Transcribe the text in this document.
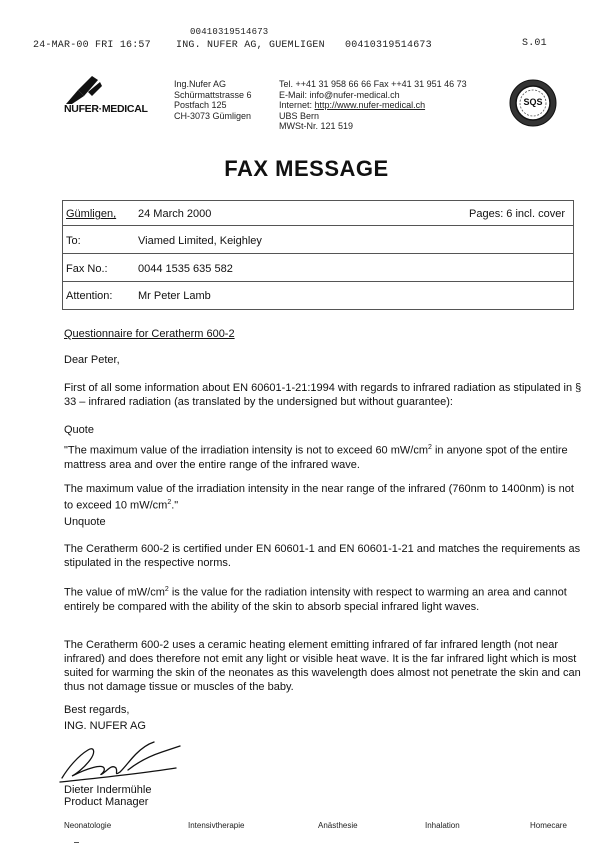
00410319514673
24-MAR-00 FRI 16:57	ING. NUFER AG, GUEMLIGEN 00410319514673	S.01
NUFER·MEDICAL
Ing.Nufer AG
Schürmattstrasse 6
Postfach 125
CH-3073 Gümligen
Tel. ++41 31 958 66 66 Fax ++41 31 951 46 73
E-Mail: info@nufer-medical.ch
Internet: http://www.nufer-medical.ch
UBS Bern
MWSt-Nr. 121 519
SQS
FAX MESSAGE
Gümligen, 24 March 2000	Pages: 6 incl. cover
To:	Viamed Limited, Keighley
Fax No.:	0044 1535 635 582
Attention: Mr Peter Lamb
Questionnaire for Ceratherm 600-2
Dear Peter,
First of all some information about EN 60601-1-21:1994 with regards to infrared radiation as stipulated in § 33 – infrared radiation (as translated by the undersigned but without guarantee):
Quote
"The maximum value of the irradiation intensity is not to exceed 60 $mW/cm^2$ in anyone spot of the entire mattress area and over the entire range of the infrared wave.
The maximum value of the irradiation intensity in the near range of the infrared (760nm to 1400nm) is not to exceed 10 $mW/cm^2$."
Unquote
The Ceratherm 600-2 is certified under EN 60601-1 and EN 60601-1-21 and matches the requirements as stipulated in the respective norms.
The value of $mW/cm^2$ is the value for the radiation intensity with respect to warming an area and cannot entirely be compared with the ability of the skin to absorb special infrared light waves.
The Ceratherm 600-2 uses a ceramic heating element emitting infrared of far infrared length (not near infrared) and does therefore not emit any light or visible heat wave. It is the far infrared light which is most suited for warming the skin of the neonates as this wavelength does almost not penetrate the skin and can thus not damage tissue or muscles of the baby.
Best regards,
ING. NUFER AG
Dieter Indermühle
Product Manager
Neonatologie	Intensivtherapie	Anästhesie	Inhalation	Homecare
